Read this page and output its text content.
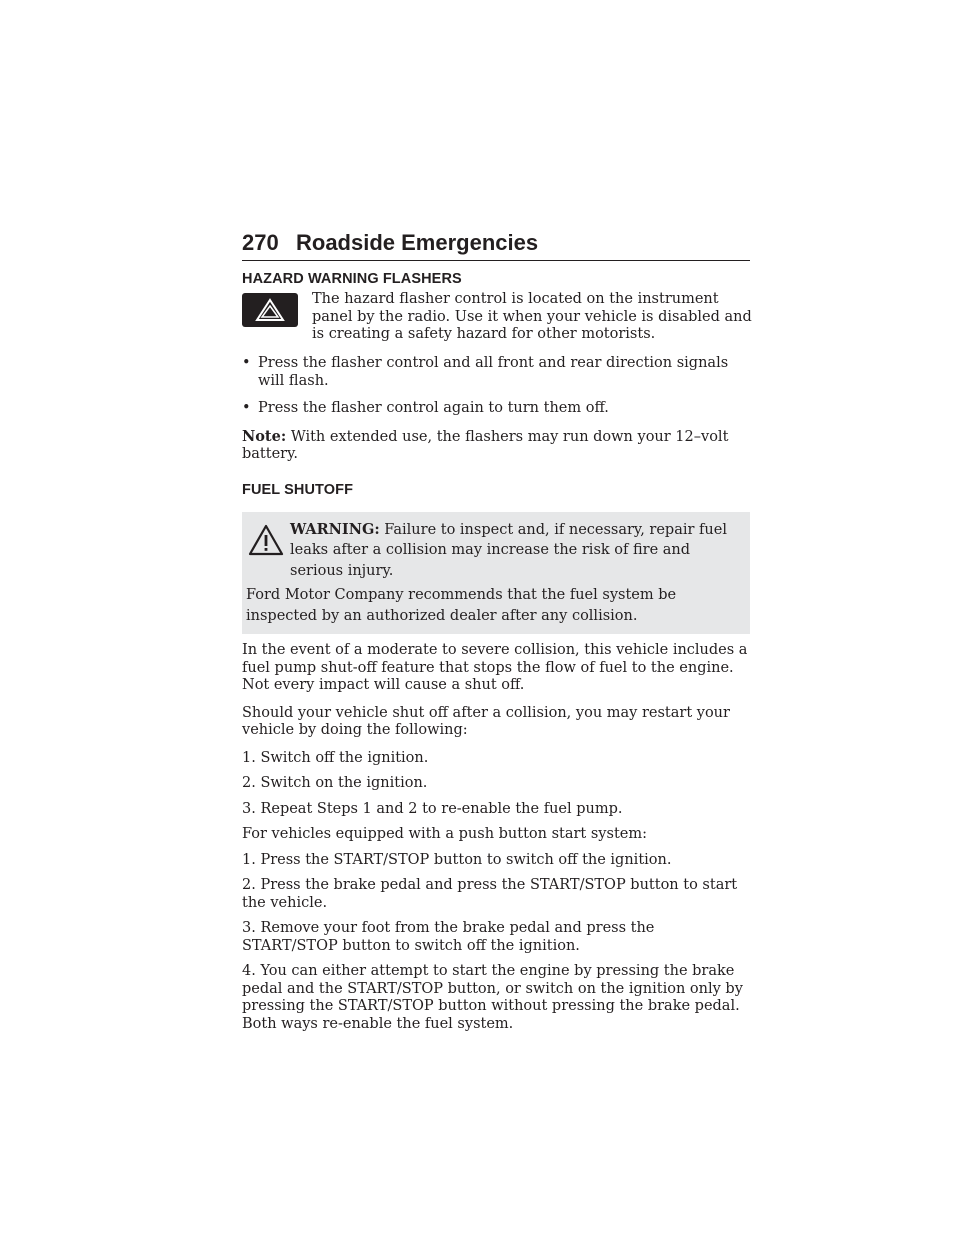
270 Roadside Emergencies
HAZARD WARNING FLASHERS

The hazard flasher control is located on the instrument panel by the radio. Use it when your vehicle is disabled and is creating a safety hazard for other motorists.

• Press the flasher control and all front and rear direction signals will flash.
• Press the flasher control again to turn them off.

Note: With extended use, the flashers may run down your 12–volt battery.

FUEL SHUTOFF

WARNING: Failure to inspect and, if necessary, repair fuel leaks after a collision may increase the risk of fire and serious injury.

Ford Motor Company recommends that the fuel system be inspected by an authorized dealer after any collision.

In the event of a moderate to severe collision, this vehicle includes a fuel pump shut-off feature that stops the flow of fuel to the engine. Not every impact will cause a shut off.

Should your vehicle shut off after a collision, you may restart your vehicle by doing the following:

1. Switch off the ignition.

2. Switch on the ignition.

3. Repeat Steps 1 and 2 to re-enable the fuel pump.

For vehicles equipped with a push button start system:

1. Press the START/STOP button to switch off the ignition.

2. Press the brake pedal and press the START/STOP button to start the vehicle.

3. Remove your foot from the brake pedal and press the START/STOP button to switch off the ignition.

4. You can either attempt to start the engine by pressing the brake pedal and the START/STOP button, or switch on the ignition only by pressing the START/STOP button without pressing the brake pedal. Both ways re-enable the fuel system.
